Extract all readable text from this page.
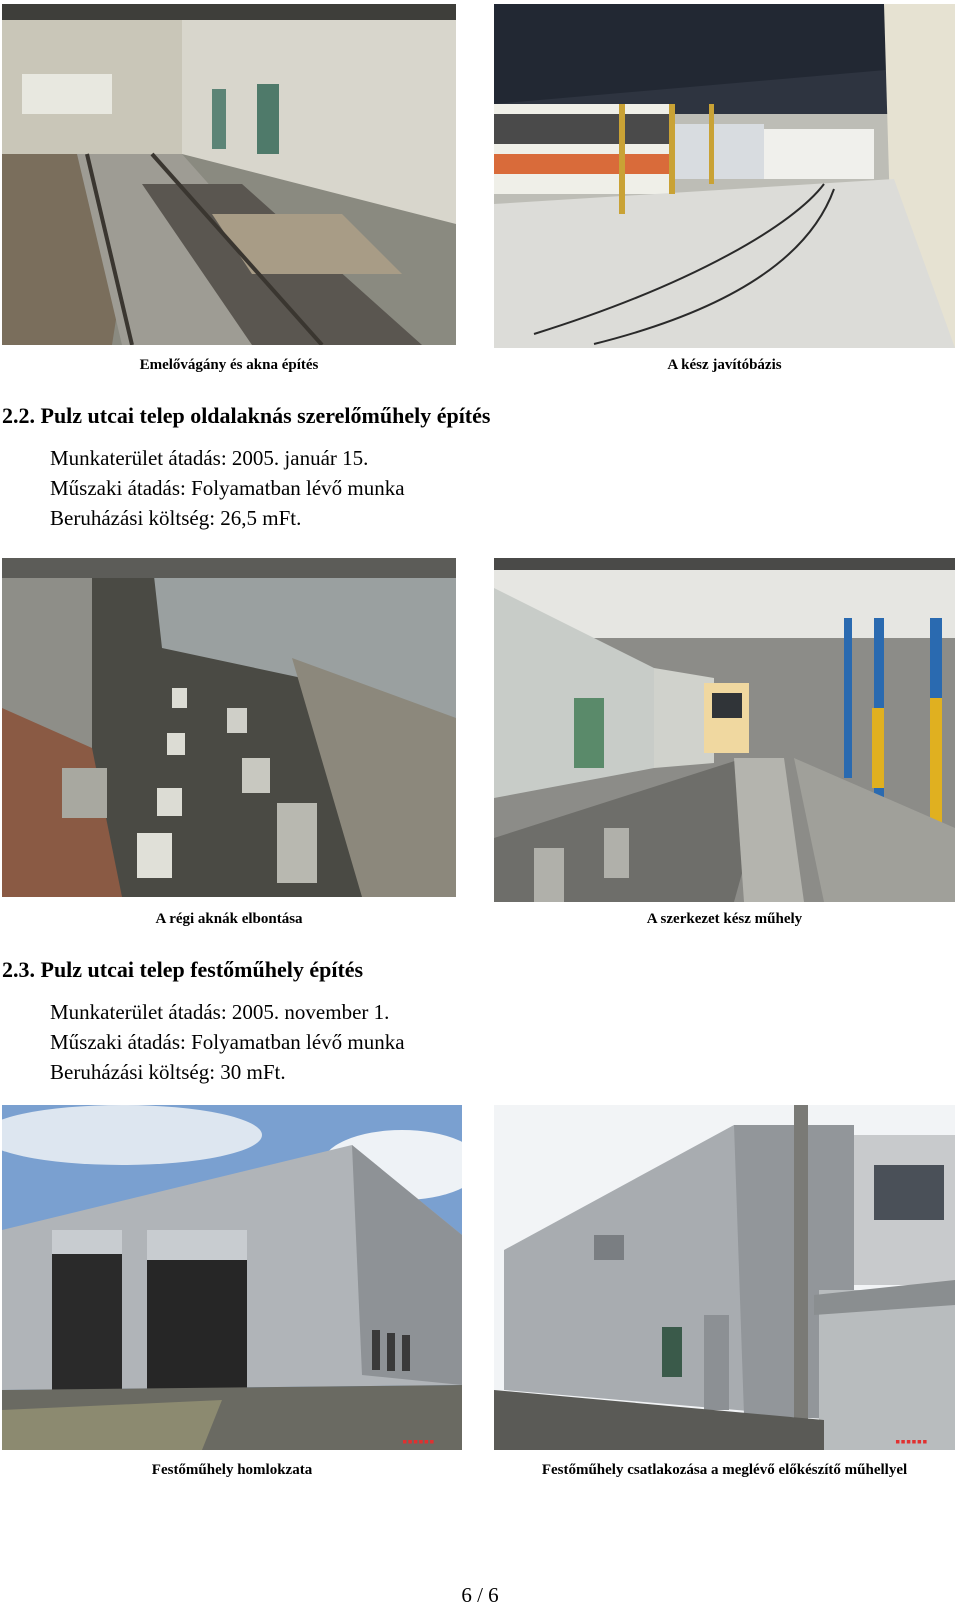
Emelővágány és akna építés	A kész javítóbázis
2.2. Pulz utcai telep oldalaknás szerelőműhely építés
Munkaterület átadás: 2005. január 15.
Műszaki átadás: Folyamatban lévő munka
Beruházási költség: 26,5 mFt.
A régi aknák elbontása	A szerkezet kész műhely
2.3. Pulz utcai telep festőműhely építés
Munkaterület átadás: 2005. november 1.
Műszaki átadás: Folyamatban lévő munka
Beruházási költség: 30 mFt.
▪▪▪▪▪▪	▪▪▪▪▪▪
Festőműhely homlokzata	Festőműhely csatlakozása a meglévő előkészítő műhellyel
6 / 6
